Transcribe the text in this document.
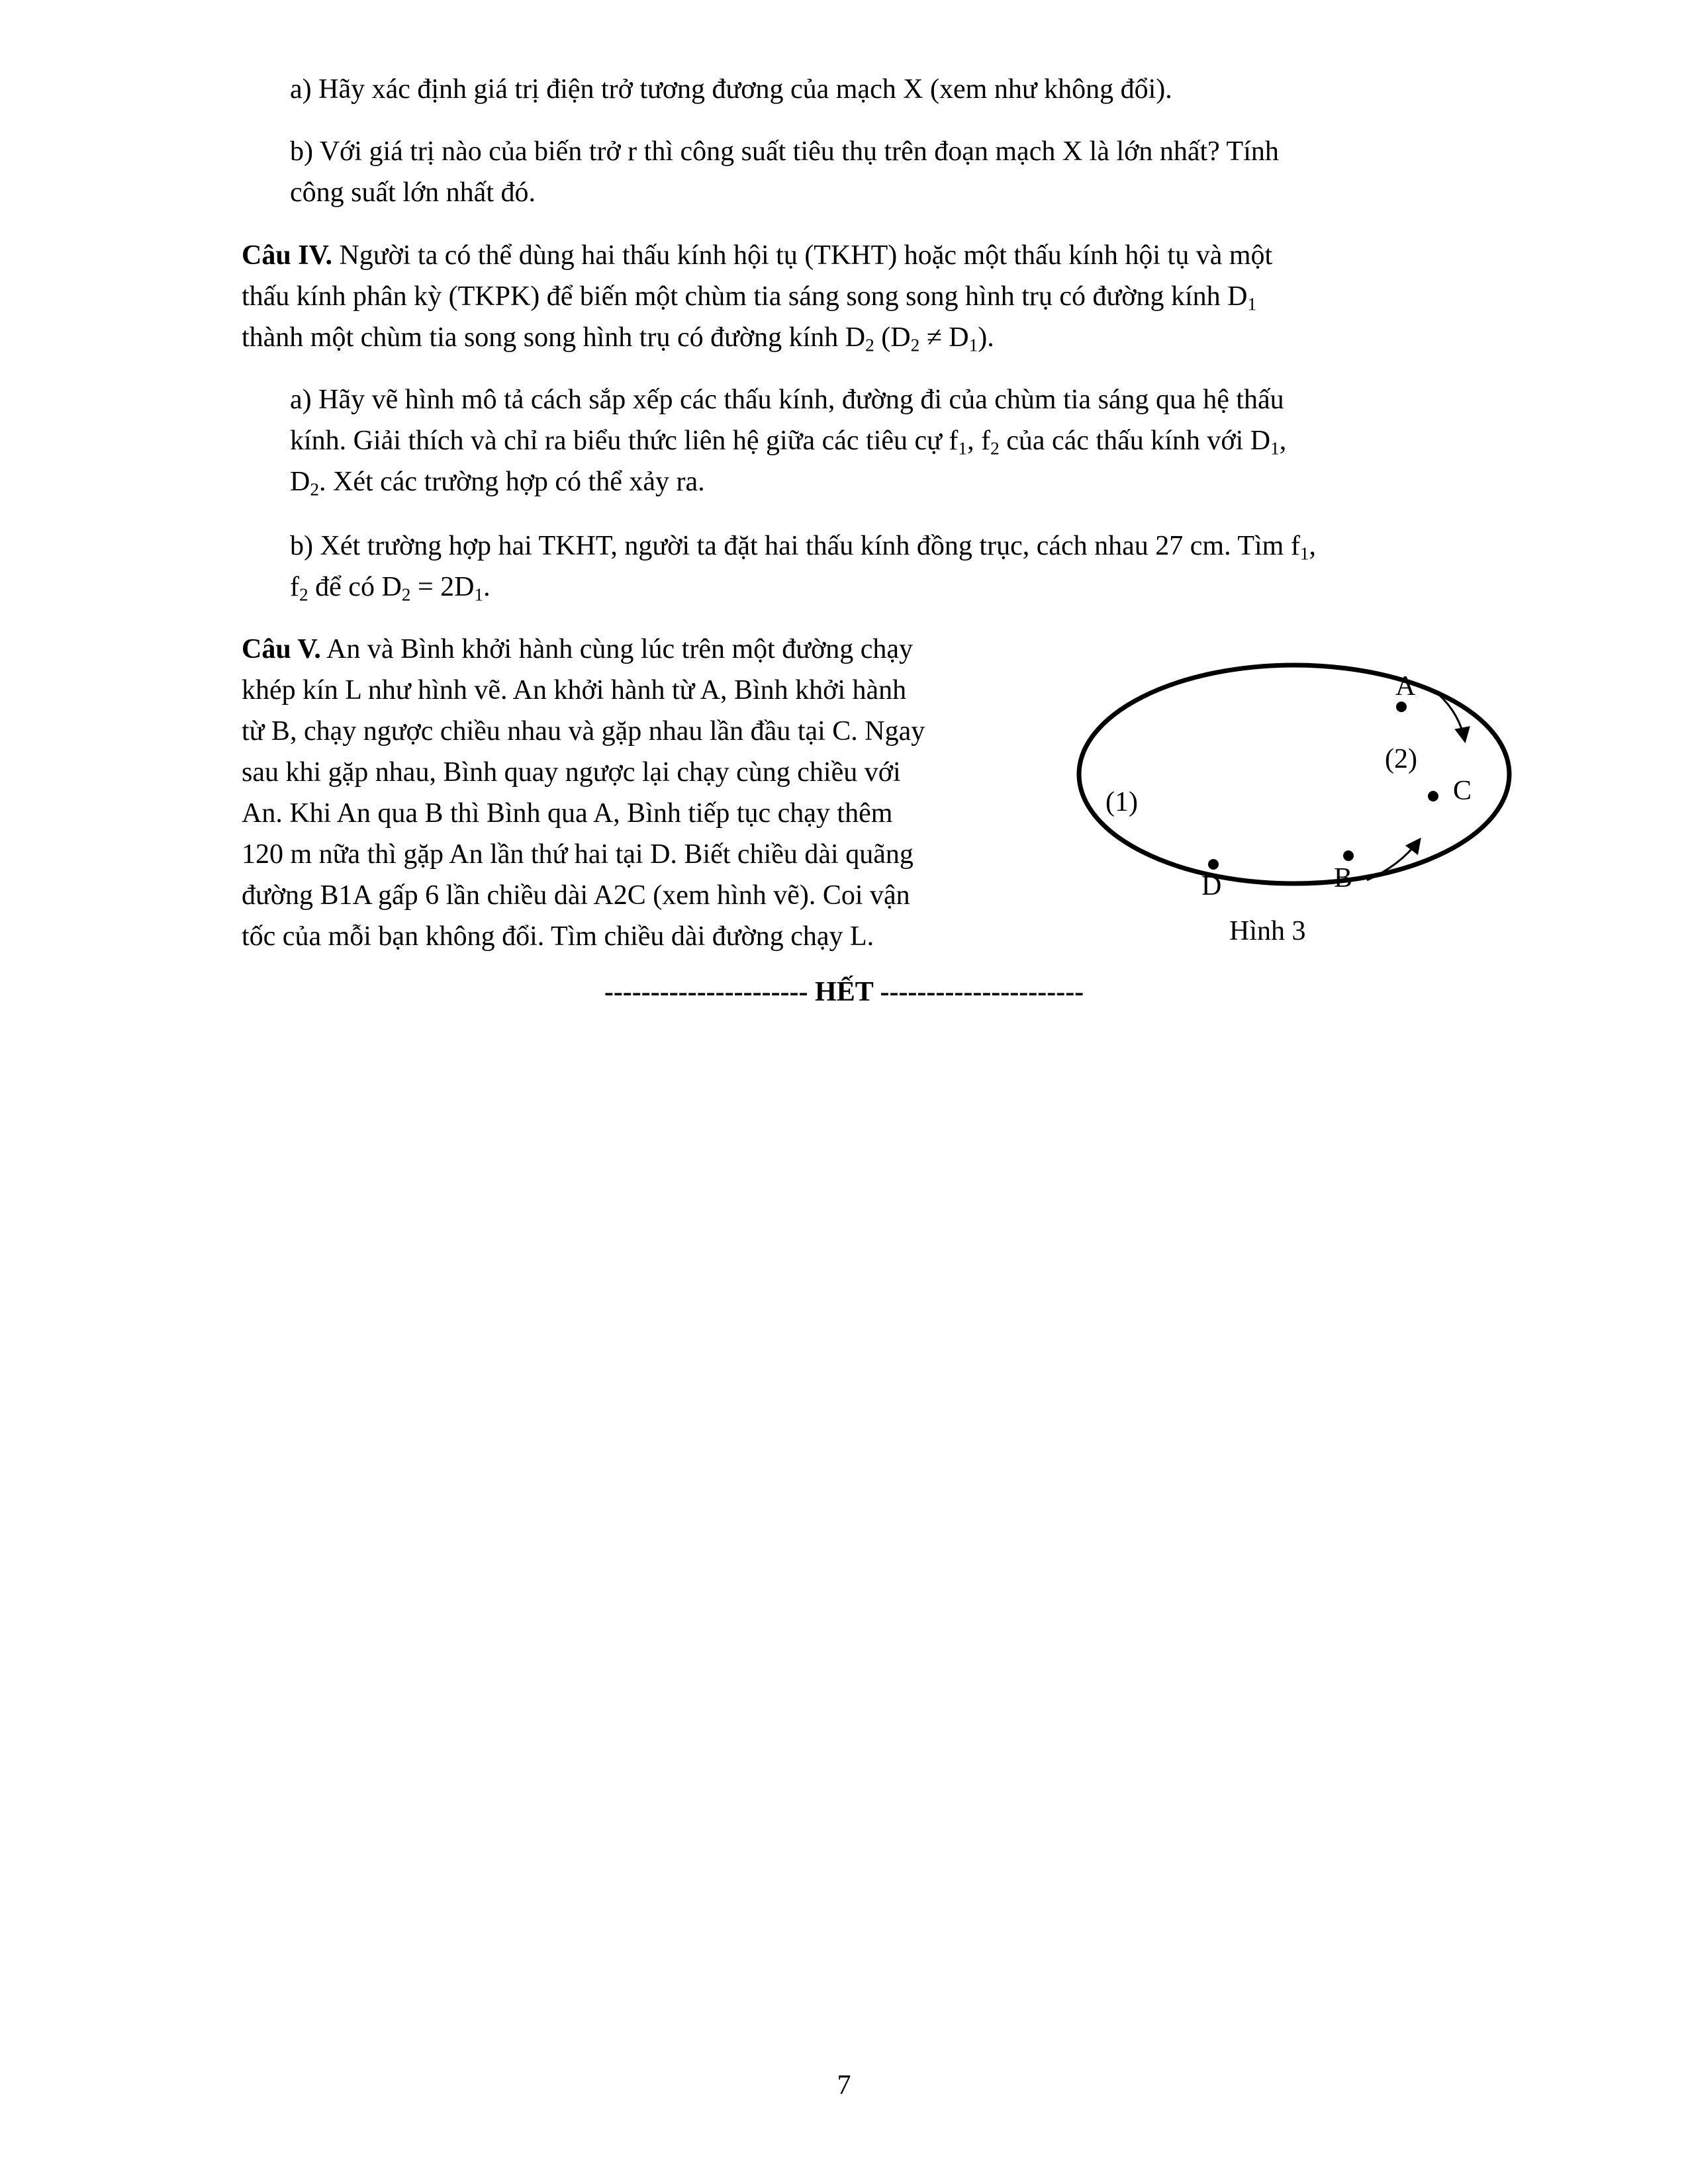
a) Hãy xác định giá trị điện trở tương đương của mạch X (xem như không đổi).

b) Với giá trị nào của biến trở r thì công suất tiêu thụ trên đoạn mạch X là lớn nhất? Tính
công suất lớn nhất đó.

Câu IV. Người ta có thể dùng hai thấu kính hội tụ (TKHT) hoặc một thấu kính hội tụ và một
thấu kính phân kỳ (TKPK) để biến một chùm tia sáng song song hình trụ có đường kính $D_1$
thành một chùm tia song song hình trụ có đường kính $D_2$ $(D_2 \ne D_1)$.

a) Hãy vẽ hình mô tả cách sắp xếp các thấu kính, đường đi của chùm tia sáng qua hệ thấu
kính. Giải thích và chỉ ra biểu thức liên hệ giữa các tiêu cự $f_1$, $f_2$ của các thấu kính với $D_1$,
$D_2$. Xét các trường hợp có thể xảy ra.

b) Xét trường hợp hai TKHT, người ta đặt hai thấu kính đồng trục, cách nhau 27 cm. Tìm $f_1$,
$f_2$ để có $D_2 = 2D_1$.

Câu V. An và Bình khởi hành cùng lúc trên một đường chạy
khép kín L như hình vẽ. An khởi hành từ A, Bình khởi hành
từ B, chạy ngược chiều nhau và gặp nhau lần đầu tại C. Ngay
sau khi gặp nhau, Bình quay ngược lại chạy cùng chiều với
An. Khi An qua B thì Bình qua A, Bình tiếp tục chạy thêm
120 m nữa thì gặp An lần thứ hai tại D. Biết chiều dài quãng
đường B1A gấp 6 lần chiều dài A2C (xem hình vẽ). Coi vận
tốc của mỗi bạn không đổi. Tìm chiều dài đường chạy L.

A
(2)
C
(1)
B
D
Hình 3
---------------------- HẾT ----------------------
7
